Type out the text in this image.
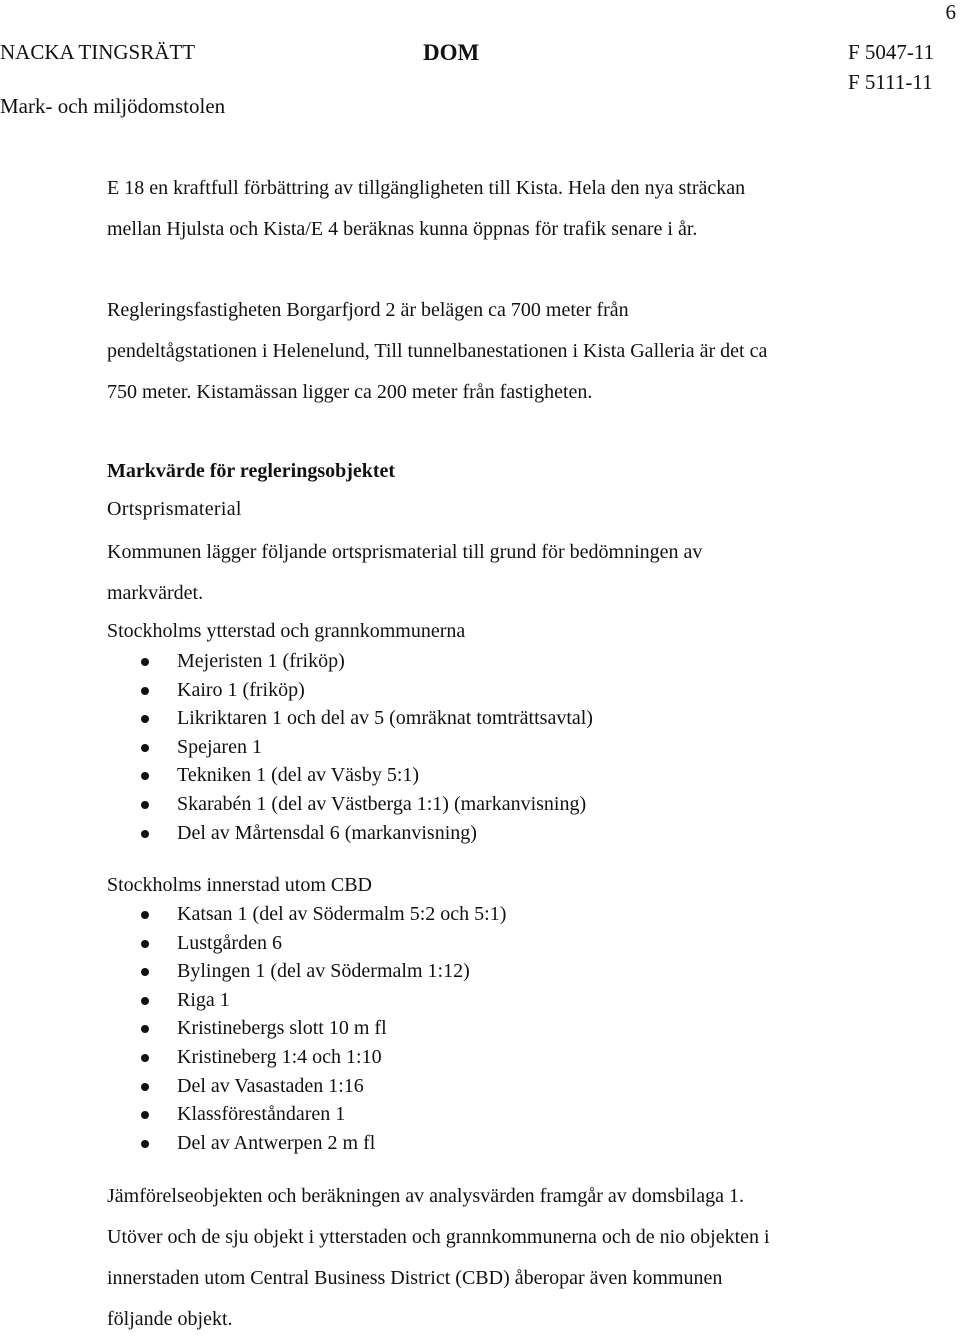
6
NACKA TINGSRÄTT
Mark- och miljödomstolen
DOM	F 5047-11
F 5111-11
E 18 en kraftfull förbättring av tillgängligheten till Kista. Hela den nya sträckan
mellan Hjulsta och Kista/E 4 beräknas kunna öppnas för trafik senare i år.
Regleringsfastigheten Borgarfjord 2 är belägen ca 700 meter från
pendeltågstationen i Helenelund, Till tunnelbanestationen i Kista Galleria är det ca
750 meter. Kistamässan ligger ca 200 meter från fastigheten.
Markvärde för regleringsobjektet
Ortsprismaterial
Kommunen lägger följande ortsprismaterial till grund för bedömningen av
markvärdet.
Stockholms ytterstad och grannkommunerna
Mejeristen 1 (friköp)
Kairo 1 (friköp)
Likriktaren 1 och del av 5 (omräknat tomträttsavtal)
Spejaren 1
Tekniken 1 (del av Väsby 5:1)
Skarabén 1 (del av Västberga 1:1) (markanvisning)
Del av Mårtensdal 6 (markanvisning)
Stockholms innerstad utom CBD
Katsan 1 (del av Södermalm 5:2 och 5:1)
Lustgården 6
Bylingen 1 (del av Södermalm 1:12)
Riga 1
Kristinebergs slott 10 m fl
Kristineberg 1:4 och 1:10
Del av Vasastaden 1:16
Klassföreståndaren 1
Del av Antwerpen 2 m fl
Jämförelseobjekten och beräkningen av analysvärden framgår av domsbilaga 1.
Utöver och de sju objekt i ytterstaden och grannkommunerna och de nio objekten i
innerstaden utom Central Business District (CBD) åberopar även kommunen
följande objekt.
